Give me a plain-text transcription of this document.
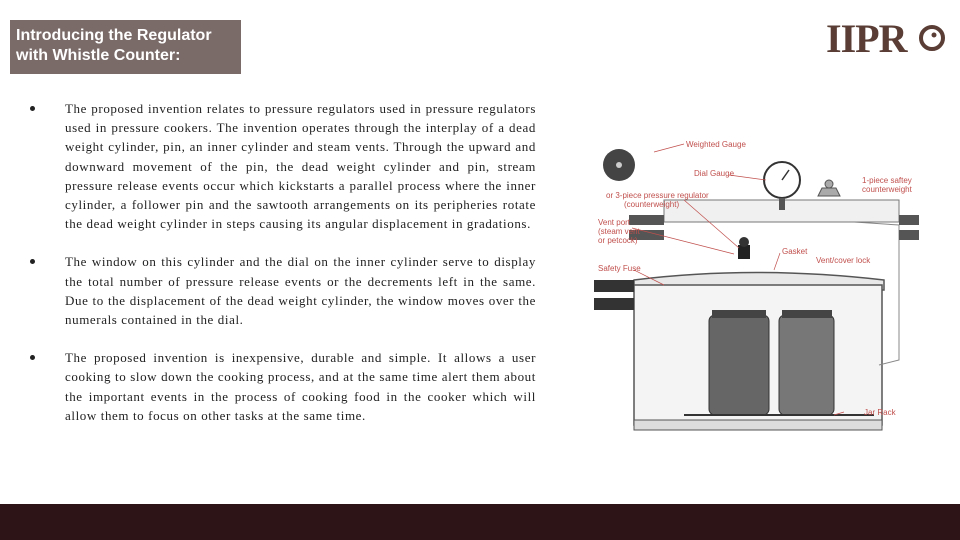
Introducing the Regulator
with Whistle Counter:	IIPR
The proposed invention relates to pressure regulators used in pressure regulators used in pressure cookers. The invention operates through the interplay of a dead weight cylinder, pin, an inner cylinder and steam vents. Through the upward and downward movement of the pin, the dead weight cylinder and pin, stream pressure release events occur which kickstarts a parallel process where the inner cylinder, a follower pin and the sawtooth arrangements on its peripheries rotate the dead weight cylinder in steps causing its angular displacement in gradations.
The window on this cylinder and the dial on the inner cylinder serve to display the total number of pressure release events or the decrements left in the same. Due to the displacement of the dead weight cylinder, the window moves over the numerals contained in the dial.
The proposed invention is inexpensive, durable and simple. It allows a user cooking to slow down the cooking process, and at the same time alert them about the important events in the process of cooking food in the cooker which will allow them to focus on other tasks at the same time.
Weighted Gauge
Dial Gauge
or 3-piece pressure regulator
(counterweight)
1-piece saftey
counterweight
Vent port
(steam vent
or petcock)
Gasket
Vent/cover lock
Safety Fuse
Jar Rack
